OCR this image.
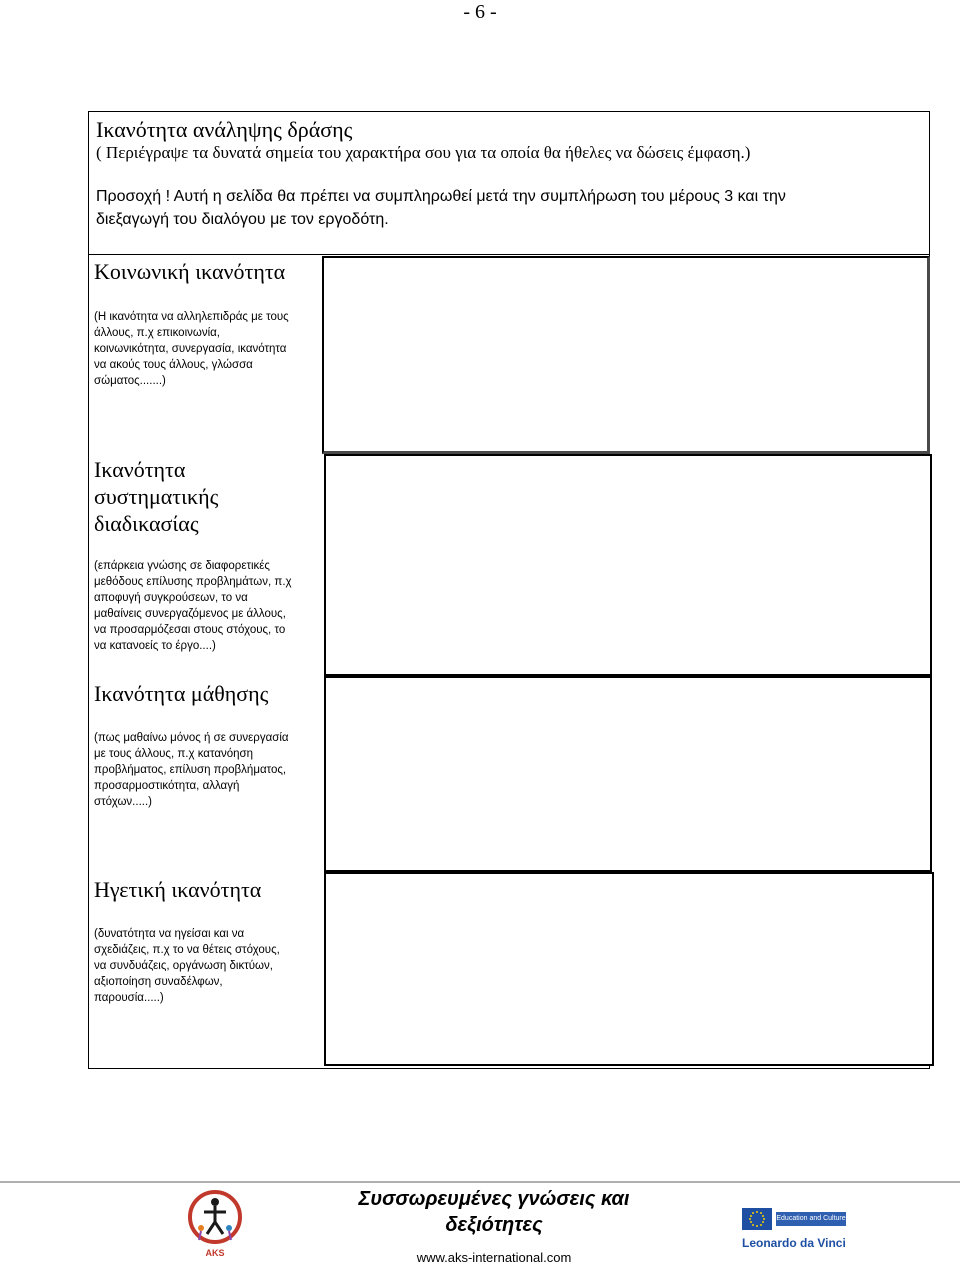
- 6 -
Ικανότητα ανάληψης δράσης
( Περιέγραψε τα δυνατά σημεία του χαρακτήρα σου για τα οποία θα ήθελες να δώσεις έμφαση.)
Προσοχή ! Αυτή η σελίδα θα πρέπει να συμπληρωθεί μετά την συμπλήρωση του μέρους 3 και την
διεξαγωγή του διαλόγου με τον εργοδότη.
Κοινωνική ικανότητα
(Η ικανότητα να αλληλεπιδράς με τους
άλλους, π.χ επικοινωνία,
κοινωνικότητα, συνεργασία, ικανότητα
να ακούς τους άλλους, γλώσσα
σώματος.......)
Ικανότητα
συστηματικής
διαδικασίας
(επάρκεια γνώσης σε διαφορετικές
μεθόδους επίλυσης προβλημάτων, π.χ
αποφυγή συγκρούσεων, το να
μαθαίνεις συνεργαζόμενος με άλλους,
να προσαρμόζεσαι στους στόχους, το
να κατανοείς το έργο....)
Ικανότητα μάθησης
(πως μαθαίνω μόνος ή σε συνεργασία
με τους άλλους, π.χ κατανόηση
προβλήματος, επίλυση προβλήματος,
προσαρμοστικότητα, αλλαγή
στόχων.....)
Ηγετική ικανότητα
(δυνατότητα να ηγείσαι και να
σχεδιάζεις, π.χ το να θέτεις στόχους,
να συνδυάζεις, οργάνωση δικτύων,
αξιοποίηση συναδέλφων,
παρουσία.....)
AKS
Συσσωρευμένες γνώσεις και
δεξιότητες
www.aks-international.com
Education and Culture
Leonardo da Vinci
